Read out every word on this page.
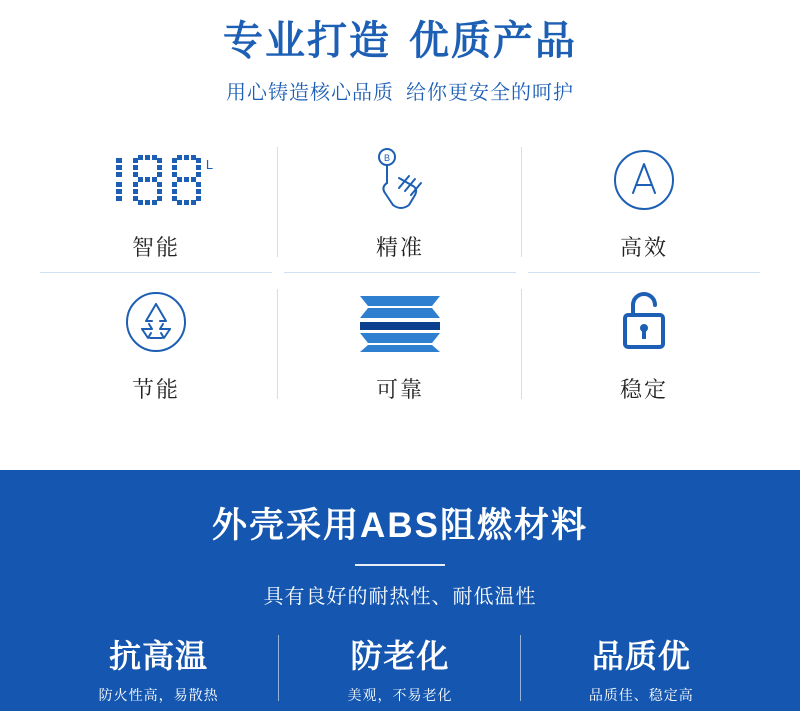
专业打造 优质产品
用心铸造核心品质 给你更安全的呵护
L
智能
B
精准	高效
节能	可靠	稳定
外壳采用ABS阻燃材料
具有良好的耐热性、耐低温性
抗高温
防火性高，易散热
防老化
美观，不易老化
品质优
品质佳、稳定高
